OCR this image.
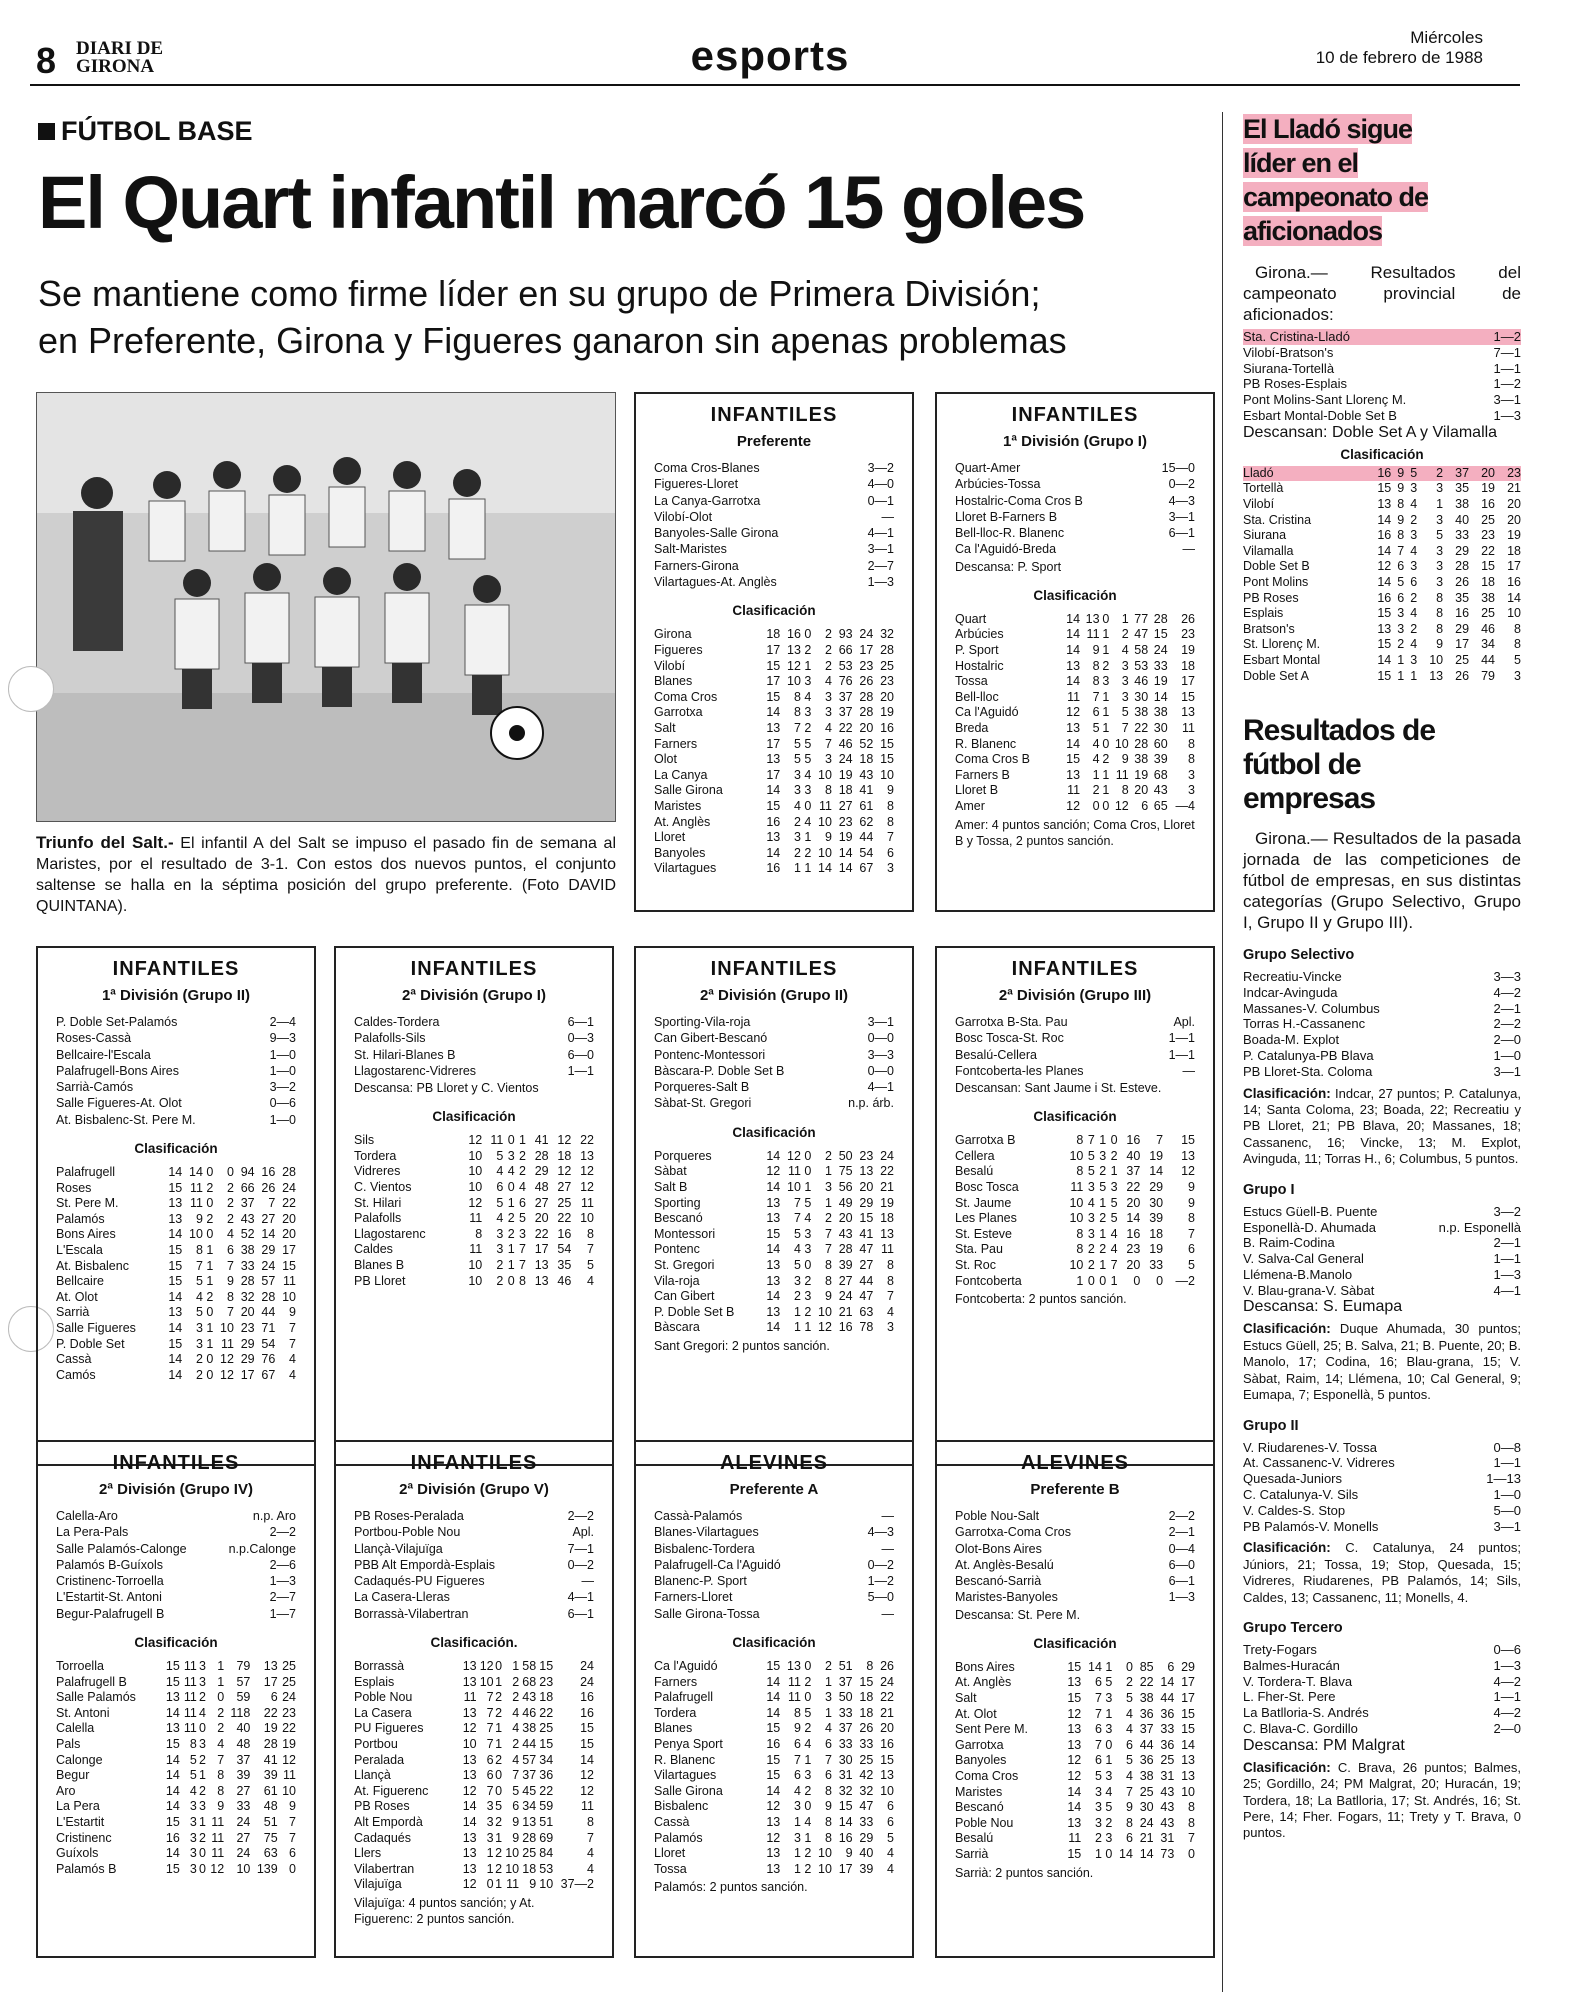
8 DIARI DE
GIRONA	esports	Miércoles
10 de febrero de 1988
FÚTBOL BASE
El Quart infantil marcó 15 goles
Se mantiene como firme líder en su grupo de Primera División;
en Preferente, Girona y Figueres ganaron sin apenas problemas
Triunfo del Salt.- El infantil A del Salt se impuso el pasado fin de semana al Maristes, por el resultado de 3-1. Con estos dos nuevos puntos, el conjunto saltense se halla en la séptima posición del grupo preferente. (Foto DAVID QUINTANA).
INFANTILES
Preferente
Coma Cros-Blanes	3—2
Figueres-Lloret	4—0
La Canya-Garrotxa	0—1
Vilobí-Olot	—
Banyoles-Salle Girona	4—1
Salt-Maristes	3—1
Farners-Girona	2—7
Vilartagues-At. Anglès	1—3
Clasificación
Girona	18	16	0	2	93	24	32
Figueres	17	13	2	2	66	17	28
Vilobí	15	12	1	2	53	23	25
Blanes	17	10	3	4	76	26	23
Coma Cros	15	8	4	3	37	28	20
Garrotxa	14	8	3	3	37	28	19
Salt	13	7	2	4	22	20	16
Farners	17	5	5	7	46	52	15
Olot	13	5	5	3	24	18	15
La Canya	17	3	4	10	19	43	10
Salle Girona	14	3	3	8	18	41	9
Maristes	15	4	0	11	27	61	8
At. Anglès	16	2	4	10	23	62	8
Lloret	13	3	1	9	19	44	7
Banyoles	14	2	2	10	14	54	6
Vilartagues	16	1	1	14	14	67	3
INFANTILES
1ª División (Grupo I)
Quart-Amer	15—0
Arbúcies-Tossa	0—2
Hostalric-Coma Cros B	4—3
Lloret B-Farners B	3—1
Bell-lloc-R. Blanenc	6—1
Ca l'Aguidó-Breda	—
Descansa: P. Sport
Clasificación
Quart	14	13	0	1	77	28	26
Arbúcies	14	11	1	2	47	15	23
P. Sport	14	9	1	4	58	24	19
Hostalric	13	8	2	3	53	33	18
Tossa	14	8	3	3	46	19	17
Bell-lloc	11	7	1	3	30	14	15
Ca l'Aguidó	12	6	1	5	38	38	13
Breda	13	5	1	7	22	30	11
R. Blanenc	14	4	0	10	28	60	8
Coma Cros B	15	4	2	9	38	39	8
Farners B	13	1	1	11	19	68	3
Lloret B	11	2	1	8	20	43	3
Amer	12	0	0	12	6	65	—4
Amer: 4 puntos sanción; Coma Cros, Lloret B y Tossa, 2 puntos sanción.
INFANTILES
1ª División (Grupo II)
P. Doble Set-Palamós	2—4
Roses-Cassà	9—3
Bellcaire-l'Escala	1—0
Palafrugell-Bons Aires	1—0
Sarrià-Camós	3—2
Salle Figueres-At. Olot	0—6
At. Bisbalenc-St. Pere M.	1—0
Clasificación
Palafrugell	14	14	0	0	94	16	28
Roses	15	11	2	2	66	26	24
St. Pere M.	13	11	0	2	37	7	22
Palamós	13	9	2	2	43	27	20
Bons Aires	14	10	0	4	52	14	20
L'Escala	15	8	1	6	38	29	17
At. Bisbalenc	15	7	1	7	33	24	15
Bellcaire	15	5	1	9	28	57	11
At. Olot	14	4	2	8	32	28	10
Sarrià	13	5	0	7	20	44	9
Salle Figueres	14	3	1	10	23	71	7
P. Doble Set	15	3	1	11	29	54	7
Cassà	14	2	0	12	29	76	4
Camós	14	2	0	12	17	67	4
INFANTILES
2ª División (Grupo I)
Caldes-Tordera	6—1
Palafolls-Sils	0—3
St. Hilari-Blanes B	6—0
Llagostarenc-Vidreres	1—1
Descansa: PB Lloret y C. Vientos
Clasificación
Sils	12	11	0	1	41	12	22
Tordera	10	5	3	2	28	18	13
Vidreres	10	4	4	2	29	12	12
C. Vientos	10	6	0	4	48	27	12
St. Hilari	12	5	1	6	27	25	11
Palafolls	11	4	2	5	20	22	10
Llagostarenc	8	3	2	3	22	16	8
Caldes	11	3	1	7	17	54	7
Blanes B	10	2	1	7	13	35	5
PB Lloret	10	2	0	8	13	46	4
INFANTILES
2ª División (Grupo II)
Sporting-Vila-roja	3—1
Can Gibert-Bescanó	0—0
Pontenc-Montessori	3—3
Bàscara-P. Doble Set B	0—0
Porqueres-Salt B	4—1
Sàbat-St. Gregori	n.p. árb.
Clasificación
Porqueres	14	12	0	2	50	23	24
Sàbat	12	11	0	1	75	13	22
Salt B	14	10	1	3	56	20	21
Sporting	13	7	5	1	49	29	19
Bescanó	13	7	4	2	20	15	18
Montessori	15	5	3	7	43	41	13
Pontenc	14	4	3	7	28	47	11
St. Gregori	13	5	0	8	39	27	8
Vila-roja	13	3	2	8	27	44	8
Can Gibert	14	2	3	9	24	47	7
P. Doble Set B	13	1	2	10	21	63	4
Bàscara	14	1	1	12	16	78	3
Sant Gregori: 2 puntos sanción.
INFANTILES
2ª División (Grupo III)
Garrotxa B-Sta. Pau	Apl.
Bosc Tosca-St. Roc	1—1
Besalú-Cellera	1—1
Fontcoberta-les Planes	—
Descansan: Sant Jaume i St. Esteve.
Clasificación
Garrotxa B	8	7	1	0	16	7	15
Cellera	10	5	3	2	40	19	13
Besalú	8	5	2	1	37	14	12
Bosc Tosca	11	3	5	3	22	29	9
St. Jaume	10	4	1	5	20	30	9
Les Planes	10	3	2	5	14	39	8
St. Esteve	8	3	1	4	16	18	7
Sta. Pau	8	2	2	4	23	19	6
St. Roc	10	2	1	7	20	33	5
Fontcoberta	1	0	0	1	0	0	—2
Fontcoberta: 2 puntos sanción.
INFANTILES
2ª División (Grupo IV)
Calella-Aro	n.p. Aro
La Pera-Pals	2—2
Salle Palamós-Calonge	n.p.Calonge
Palamós B-Guíxols	2—6
Cristinenc-Torroella	1—3
L'Estartit-St. Antoni	2—7
Begur-Palafrugell B	1—7
Clasificación
Torroella	15	11	3	1	79	13	25
Palafrugell B	15	11	3	1	57	17	25
Salle Palamós	13	11	2	0	59	6	24
St. Antoni	14	11	4	2	118	22	23
Calella	13	11	0	2	40	19	22
Pals	15	8	3	4	48	28	19
Calonge	14	5	2	7	37	41	12
Begur	14	5	1	8	39	39	11
Aro	14	4	2	8	27	61	10
La Pera	14	3	3	9	33	48	9
L'Estartit	15	3	1	11	24	51	7
Cristinenc	16	3	2	11	27	75	7
Guíxols	14	3	0	11	24	63	6
Palamós B	15	3	0	12	10	139	0
INFANTILES
2ª División (Grupo V)
PB Roses-Peralada	2—2
Portbou-Poble Nou	Apl.
Llançà-Vilajuïga	7—1
PBB Alt Empordà-Esplais	0—2
Cadaqués-PU Figueres	—
La Casera-Lleras	4—1
Borrassà-Vilabertran	6—1
Clasificación.
Borrassà	13	12	0	1	58	15	24
Esplais	13	10	1	2	68	23	24
Poble Nou	11	7	2	2	43	18	16
La Casera	13	7	2	4	46	22	16
PU Figueres	12	7	1	4	38	25	15
Portbou	10	7	1	2	44	15	15
Peralada	13	6	2	4	57	34	14
Llançà	13	6	0	7	37	36	12
At. Figuerenc	12	7	0	5	45	22	12
PB Roses	14	3	5	6	34	59	11
Alt Empordà	14	3	2	9	13	51	8
Cadaqués	13	3	1	9	28	69	7
Llers	13	1	2	10	25	84	4
Vilabertran	13	1	2	10	18	53	4
Vilajuïga	12	0	1	11	9	10	37—2
Vilajuïga: 4 puntos sanción; y At. Figuerenc: 2 puntos sanción.
ALEVINES
Preferente A
Cassà-Palamós	—
Blanes-Vilartagues	4—3
Bisbalenc-Tordera	—
Palafrugell-Ca l'Aguidó	0—2
Blanenc-P. Sport	1—2
Farners-Lloret	5—0
Salle Girona-Tossa	—
Clasificación
Ca l'Aguidó	15	13	0	2	51	8	26
Farners	14	11	2	1	37	15	24
Palafrugell	14	11	0	3	50	18	22
Tordera	14	8	5	1	33	18	21
Blanes	15	9	2	4	37	26	20
Penya Sport	16	6	4	6	33	33	16
R. Blanenc	15	7	1	7	30	25	15
Vilartagues	15	6	3	6	31	42	13
Salle Girona	14	4	2	8	32	32	10
Bisbalenc	12	3	0	9	15	47	6
Cassà	13	1	4	8	14	33	6
Palamós	12	3	1	8	16	29	5
Lloret	13	1	2	10	9	40	4
Tossa	13	1	2	10	17	39	4
Palamós: 2 puntos sanción.
ALEVINES
Preferente B
Poble Nou-Salt	2—2
Garrotxa-Coma Cros	2—1
Olot-Bons Aires	0—4
At. Anglès-Besalú	6—0
Bescanó-Sarrià	6—1
Maristes-Banyoles	1—3
Descansa: St. Pere M.
Clasificación
Bons Aires	15	14	1	0	85	6	29
At. Anglès	13	6	5	2	22	14	17
Salt	15	7	3	5	38	44	17
At. Olot	12	7	1	4	36	36	15
Sent Pere M.	13	6	3	4	37	33	15
Garrotxa	13	7	0	6	44	36	14
Banyoles	12	6	1	5	36	25	13
Coma Cros	12	5	3	4	38	31	13
Maristes	14	3	4	7	25	43	10
Bescanó	14	3	5	9	30	43	8
Poble Nou	13	3	2	8	24	43	8
Besalú	11	2	3	6	21	31	7
Sarrià	15	1	0	14	14	73	0
Sarrià: 2 puntos sanción.
El Lladó sigue
líder en el
campeonato de
aficionados
Girona.— Resultados del campeonato provincial de aficionados:
Sta. Cristina-Lladó	1—2
Vilobí-Bratson's	7—1
Siurana-Tortellà	1—1
PB Roses-Esplais	1—2
Pont Molins-Sant Llorenç M.	3—1
Esbart Montal-Doble Set B	1—3
Descansan: Doble Set A y Vilamalla
Clasificación
Lladó	16	9	5	2	37	20	23
Tortellà	15	9	3	3	35	19	21
Vilobí	13	8	4	1	38	16	20
Sta. Cristina	14	9	2	3	40	25	20
Siurana	16	8	3	5	33	23	19
Vilamalla	14	7	4	3	29	22	18
Doble Set B	12	6	3	3	28	15	17
Pont Molins	14	5	6	3	26	18	16
PB Roses	16	6	2	8	35	38	14
Esplais	15	3	4	8	16	25	10
Bratson's	13	3	2	8	29	46	8
St. Llorenç M.	15	2	4	9	17	34	8
Esbart Montal	14	1	3	10	25	44	5
Doble Set A	15	1	1	13	26	79	3
Resultados de
fútbol de
empresas
Girona.— Resultados de la pasada jornada de las competiciones de fútbol de empresas, en sus distintas categorías (Grupo Selectivo, Grupo I, Grupo II y Grupo III).
Grupo Selectivo
Recreatiu-Vincke	3—3
Indcar-Avinguda	4—2
Massanes-V. Columbus	2—1
Torras H.-Cassanenc	2—2
Boada-M. Explot	2—0
P. Catalunya-PB Blava	1—0
PB Lloret-Sta. Coloma	3—1
Clasificación: Indcar, 27 puntos; P. Catalunya, 14; Santa Coloma, 23; Boada, 22; Recreatiu y PB Lloret, 21; PB Blava, 20; Massanes, 18; Cassanenc, 16; Vincke, 13; M. Explot, Avinguda, 11; Torras H., 6; Columbus, 5 puntos.
Grupo I
Estucs Güell-B. Puente	3—2
Esponellà-D. Ahumada	n.p. Esponellà
B. Raim-Codina	2—1
V. Salva-Cal General	1—1
Llémena-B.Manolo	1—3
V. Blau-grana-V. Sàbat	4—1
Descansa: S. Eumapa
Clasificación: Duque Ahumada, 30 puntos; Estucs Güell, 25; B. Salva, 21; B. Puente, 20; B. Manolo, 17; Codina, 16; Blau-grana, 15; V. Sàbat, Raim, 14; Llémena, 10; Cal General, 9; Eumapa, 7; Esponellà, 5 puntos.
Grupo II
V. Riudarenes-V. Tossa	0—8
At. Cassanenc-V. Vidreres	1—1
Quesada-Juniors	1—13
C. Catalunya-V. Sils	1—0
V. Caldes-S. Stop	5—0
PB Palamós-V. Monells	3—1
Clasificación: C. Catalunya, 24 puntos; Júniors, 21; Tossa, 19; Stop, Quesada, 15; Vidreres, Riudarenes, PB Palamós, 14; Sils, Caldes, 13; Cassanenc, 11; Monells, 4.
Grupo Tercero
Trety-Fogars	0—6
Balmes-Huracán	1—3
V. Tordera-T. Blava	4—2
L. Fher-St. Pere	1—1
La Batlloria-S. Andrés	4—2
C. Blava-C. Gordillo	2—0
Descansa: PM Malgrat
Clasificación: C. Brava, 26 puntos; Balmes, 25; Gordillo, 24; PM Malgrat, 20; Huracán, 19; Tordera, 18; La Batlloria, 17; St. Andrés, 16; St. Pere, 14; Fher. Fogars, 11; Trety y T. Brava, 0 puntos.
